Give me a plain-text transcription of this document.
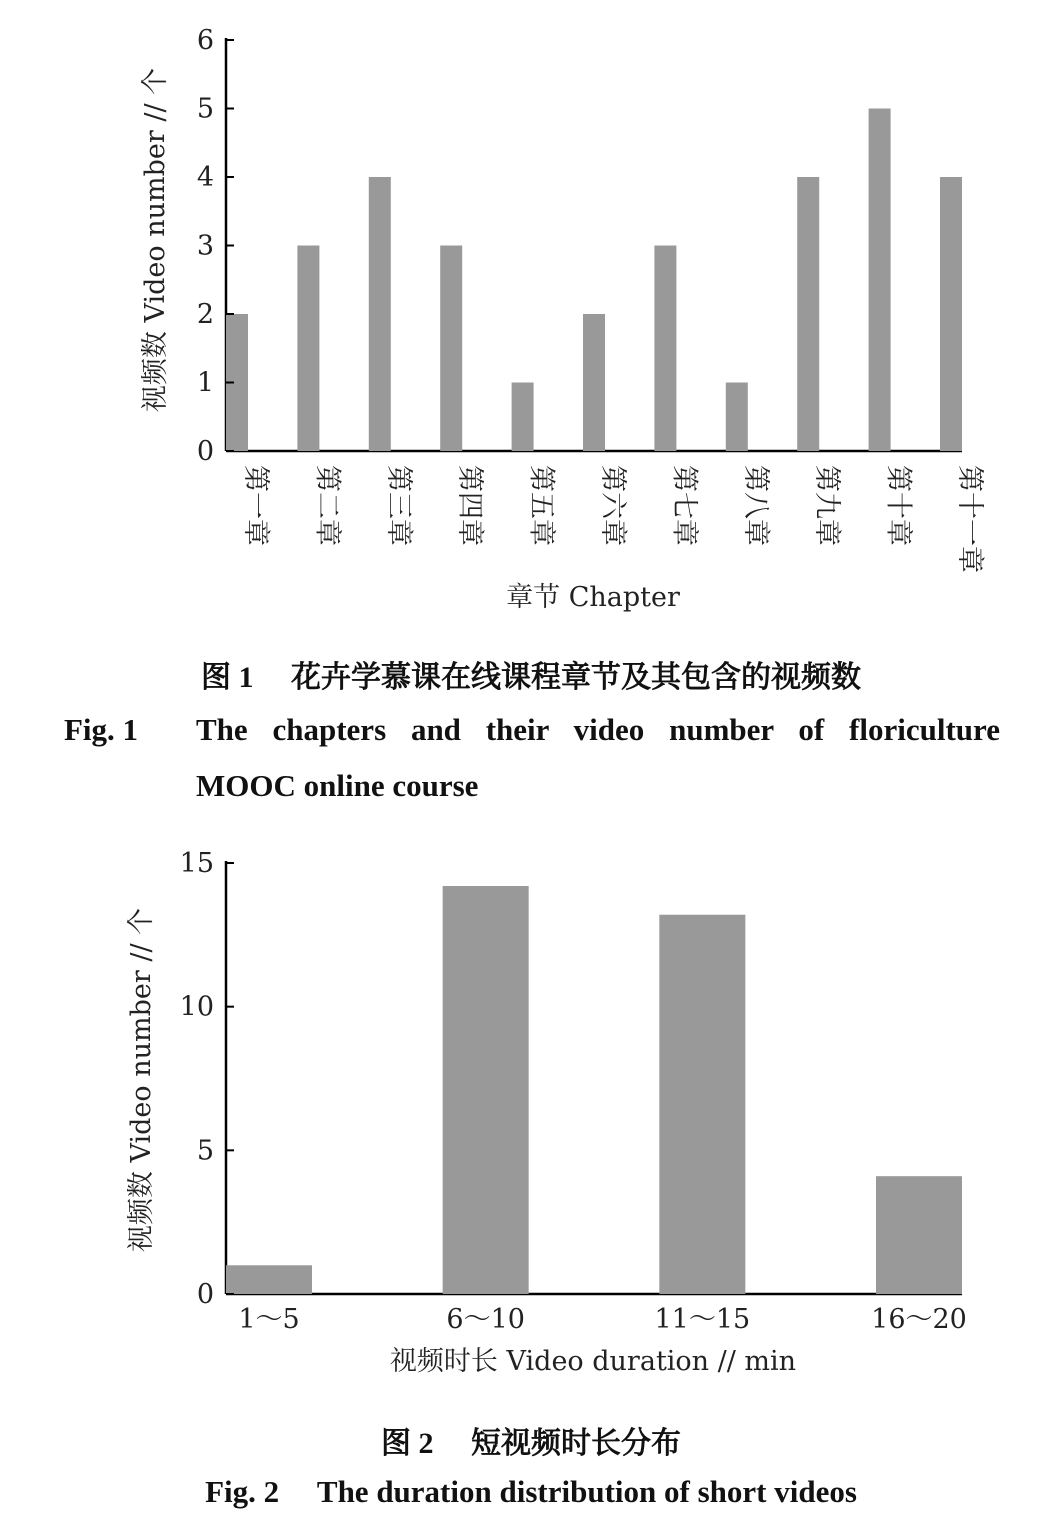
0
1
2
3
4
5
6
第一章 第二章 第三章 第四章 第五章 第六章 第七章 第八章 第九章 第十章 第十一章
视频数 Video number // 个
章节 Chapter
图 1 花卉学慕课在线课程章节及其包含的视频数
Fig. 1 The chapters and their video number of floriculture
MOOC online course
0
5
10
15
1～5	6～10	11～15	16～20
视频数 Video number // 个
视频时长 Video duration // min
图 2 短视频时长分布
Fig. 2 The duration distribution of short videos
